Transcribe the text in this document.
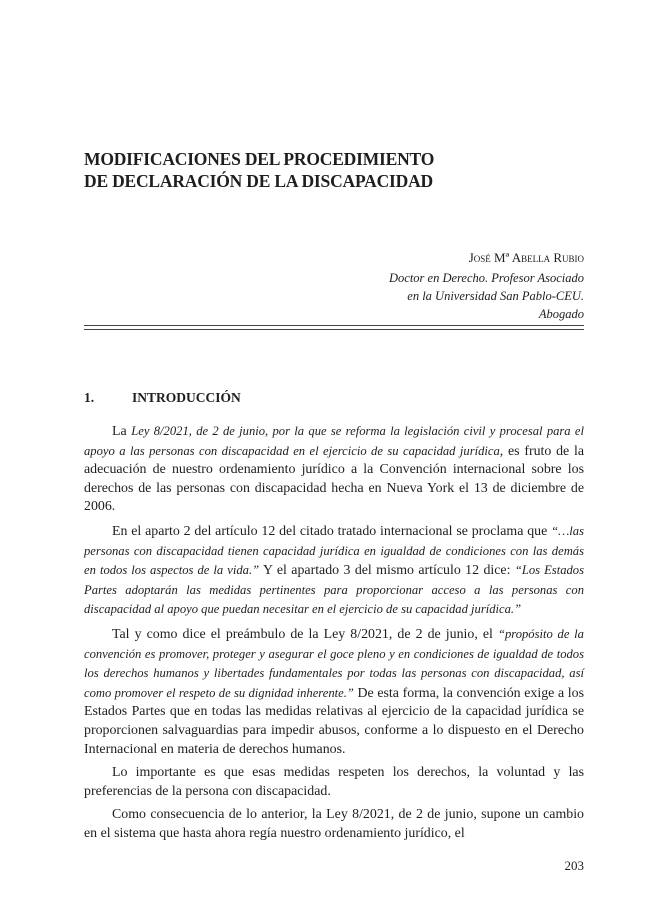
MODIFICACIONES DEL PROCEDIMIENTO
DE DECLARACIÓN DE LA DISCAPACIDAD
José Mª Abella Rubio
Doctor en Derecho. Profesor Asociado
en la Universidad San Pablo-CEU.
Abogado
1.	INTRODUCCIÓN

La Ley 8/2021, de 2 de junio, por la que se reforma la legislación civil y procesal para el apoyo a las personas con discapacidad en el ejercicio de su capacidad jurídica, es fruto de la adecuación de nuestro ordenamiento jurídico a la Convención internacional sobre los derechos de las personas con discapacidad hecha en Nueva York el 13 de diciembre de 2006.

En el aparto 2 del artículo 12 del citado tratado internacional se proclama que “…las personas con discapacidad tienen capacidad jurídica en igualdad de condiciones con las demás en todos los aspectos de la vida.” Y el apartado 3 del mismo artículo 12 dice: “Los Estados Partes adoptarán las medidas pertinentes para proporcionar acceso a las personas con discapacidad al apoyo que puedan necesitar en el ejercicio de su capacidad jurídica.”

Tal y como dice el preámbulo de la Ley 8/2021, de 2 de junio, el “propósito de la convención es promover, proteger y asegurar el goce pleno y en condiciones de igualdad de todos los derechos humanos y libertades fundamentales por todas las personas con discapacidad, así como promover el respeto de su dignidad inherente.” De esta forma, la convención exige a los Estados Partes que en todas las medidas relativas al ejercicio de la capacidad jurídica se proporcionen salvaguardias para impedir abusos, conforme a lo dispuesto en el Derecho Internacional en materia de derechos humanos.

Lo importante es que esas medidas respeten los derechos, la voluntad y las preferencias de la persona con discapacidad.

Como consecuencia de lo anterior, la Ley 8/2021, de 2 de junio, supone un cambio en el sistema que hasta ahora regía nuestro ordenamiento jurídico, el

203
